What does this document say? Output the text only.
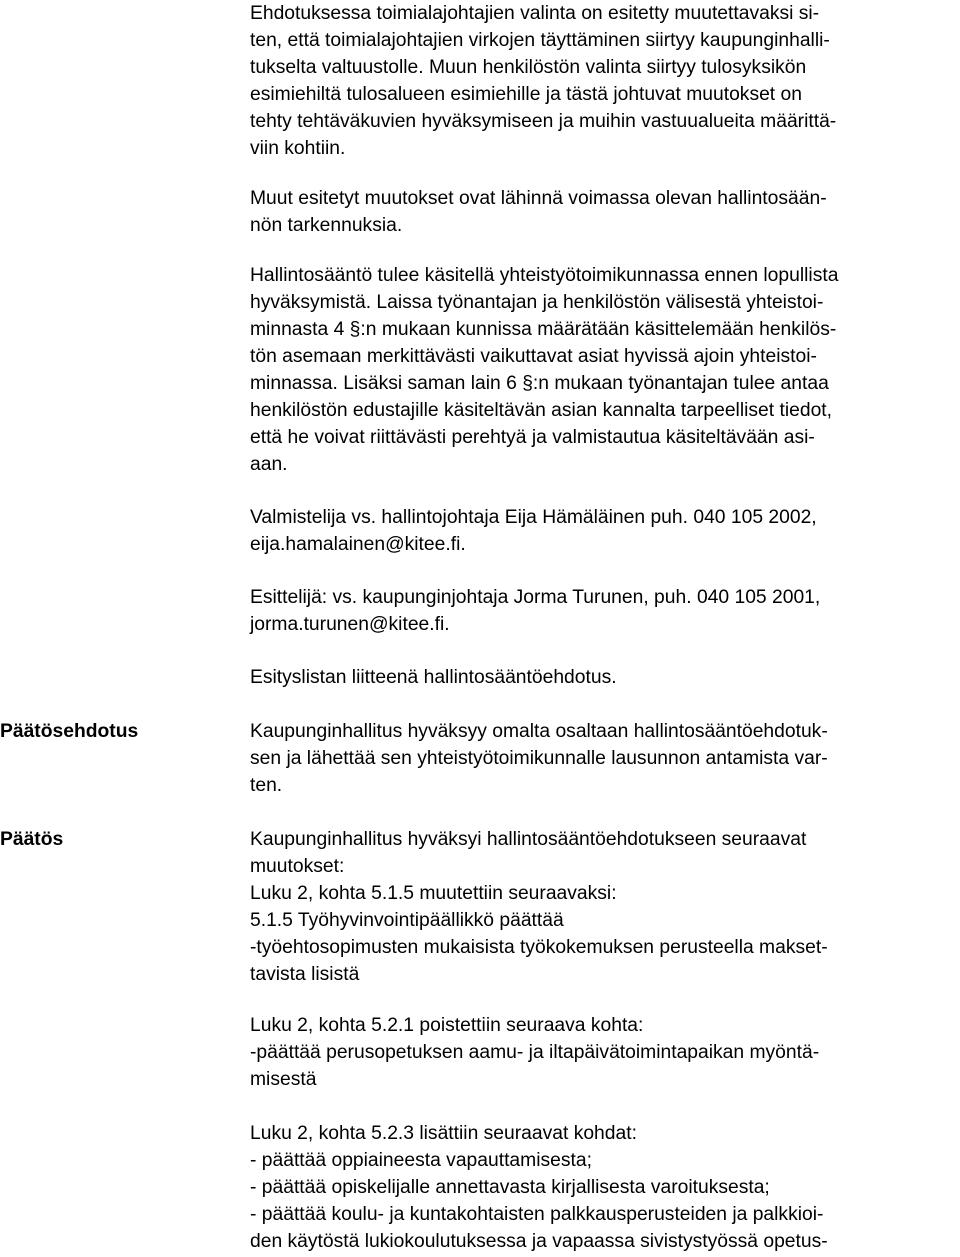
Ehdotuksessa toimialajohtajien valinta on esitetty muutettavaksi si-
ten, että toimialajohtajien virkojen täyttäminen siirtyy kaupunginhalli-
tukselta valtuustolle. Muun henkilöstön valinta siirtyy tulosyksikön
esimiehiltä tulosalueen esimiehille ja tästä johtuvat muutokset on
tehty tehtäväkuvien hyväksymiseen ja muihin vastuualueita määrittä-
viin kohtiin.
Muut esitetyt muutokset ovat lähinnä voimassa olevan hallintosään-
nön tarkennuksia.
Hallintosääntö tulee käsitellä yhteistyötoimikunnassa ennen lopullista
hyväksymistä. Laissa työnantajan ja henkilöstön välisestä yhteistoi-
minnasta 4 §:n mukaan kunnissa määrätään käsittelemään henkilös-
tön asemaan merkittävästi vaikuttavat asiat hyvissä ajoin yhteistoi-
minnassa. Lisäksi saman lain 6 §:n mukaan työnantajan tulee antaa
henkilöstön edustajille käsiteltävän asian kannalta tarpeelliset tiedot,
että he voivat riittävästi perehtyä ja valmistautua käsiteltävään asi-
aan.
Valmistelija vs. hallintojohtaja Eija Hämäläinen puh. 040 105 2002,
eija.hamalainen@kitee.fi.
Esittelijä: vs. kaupunginjohtaja Jorma Turunen, puh. 040 105 2001,
jorma.turunen@kitee.fi.
Esityslistan liitteenä hallintosääntöehdotus.
Päätösehdotus	Kaupunginhallitus hyväksyy omalta osaltaan hallintosääntöehdotuk-
sen ja lähettää sen yhteistyötoimikunnalle lausunnon antamista var-
ten.
Päätös	Kaupunginhallitus hyväksyi hallintosääntöehdotukseen seuraavat
muutokset:
Luku 2, kohta 5.1.5 muutettiin seuraavaksi:
5.1.5 Työhyvinvointipäällikkö päättää
-työehtosopimusten mukaisista työkokemuksen perusteella makset-
tavista lisistä
Luku 2, kohta 5.2.1 poistettiin seuraava kohta:
-päättää perusopetuksen aamu- ja iltapäivätoimintapaikan myöntä-
misestä
Luku 2, kohta 5.2.3 lisättiin seuraavat kohdat:
- päättää oppiaineesta vapauttamisesta;
- päättää opiskelijalle annettavasta kirjallisesta varoituksesta;
- päättää koulu- ja kuntakohtaisten palkkausperusteiden ja palkkioi-
den käytöstä lukiokoulutuksessa ja vapaassa sivistystyössä opetus-
